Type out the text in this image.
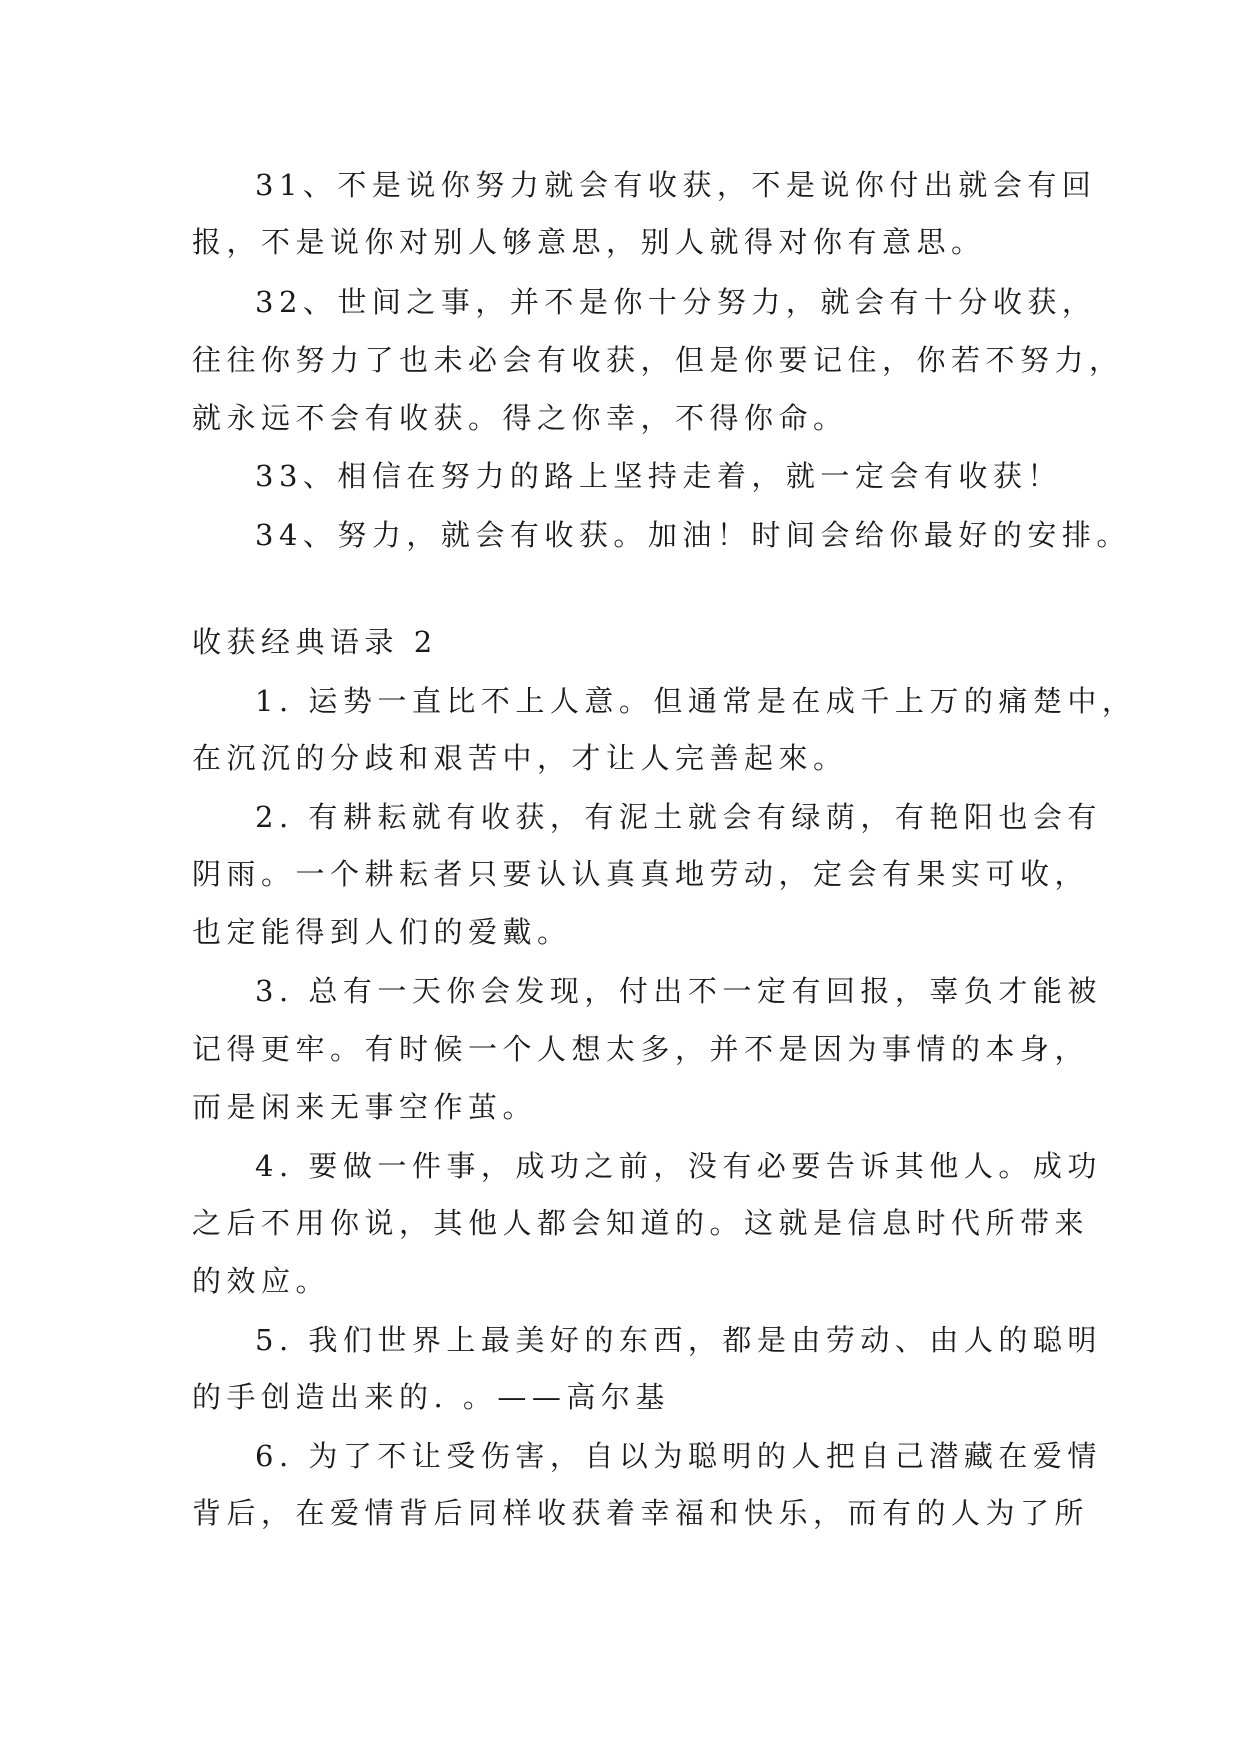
31、不是说你努力就会有收获，不是说你付出就会有回
报，不是说你对别人够意思，别人就得对你有意思。
32、世间之事，并不是你十分努力，就会有十分收获，
往往你努力了也未必会有收获，但是你要记住，你若不努力，
就永远不会有收获。得之你幸，不得你命。
33、相信在努力的路上坚持走着，就一定会有收获！
34、努力，就会有收获。加油！时间会给你最好的安排。
收获经典语录 2
1. 运势一直比不上人意。但通常是在成千上万的痛楚中，
在沉沉的分歧和艰苦中，才让人完善起來。
2. 有耕耘就有收获，有泥土就会有绿荫，有艳阳也会有
阴雨。一个耕耘者只要认认真真地劳动，定会有果实可收，
也定能得到人们的爱戴。
3. 总有一天你会发现，付出不一定有回报，辜负才能被
记得更牢。有时候一个人想太多，并不是因为事情的本身，
而是闲来无事空作茧。
4. 要做一件事，成功之前，没有必要告诉其他人。成功
之后不用你说，其他人都会知道的。这就是信息时代所带来
的效应。
5. 我们世界上最美好的东西，都是由劳动、由人的聪明
的手创造出来的. 。——高尔基
6. 为了不让受伤害，自以为聪明的人把自己潜藏在爱情
背后，在爱情背后同样收获着幸福和快乐，而有的人为了所
